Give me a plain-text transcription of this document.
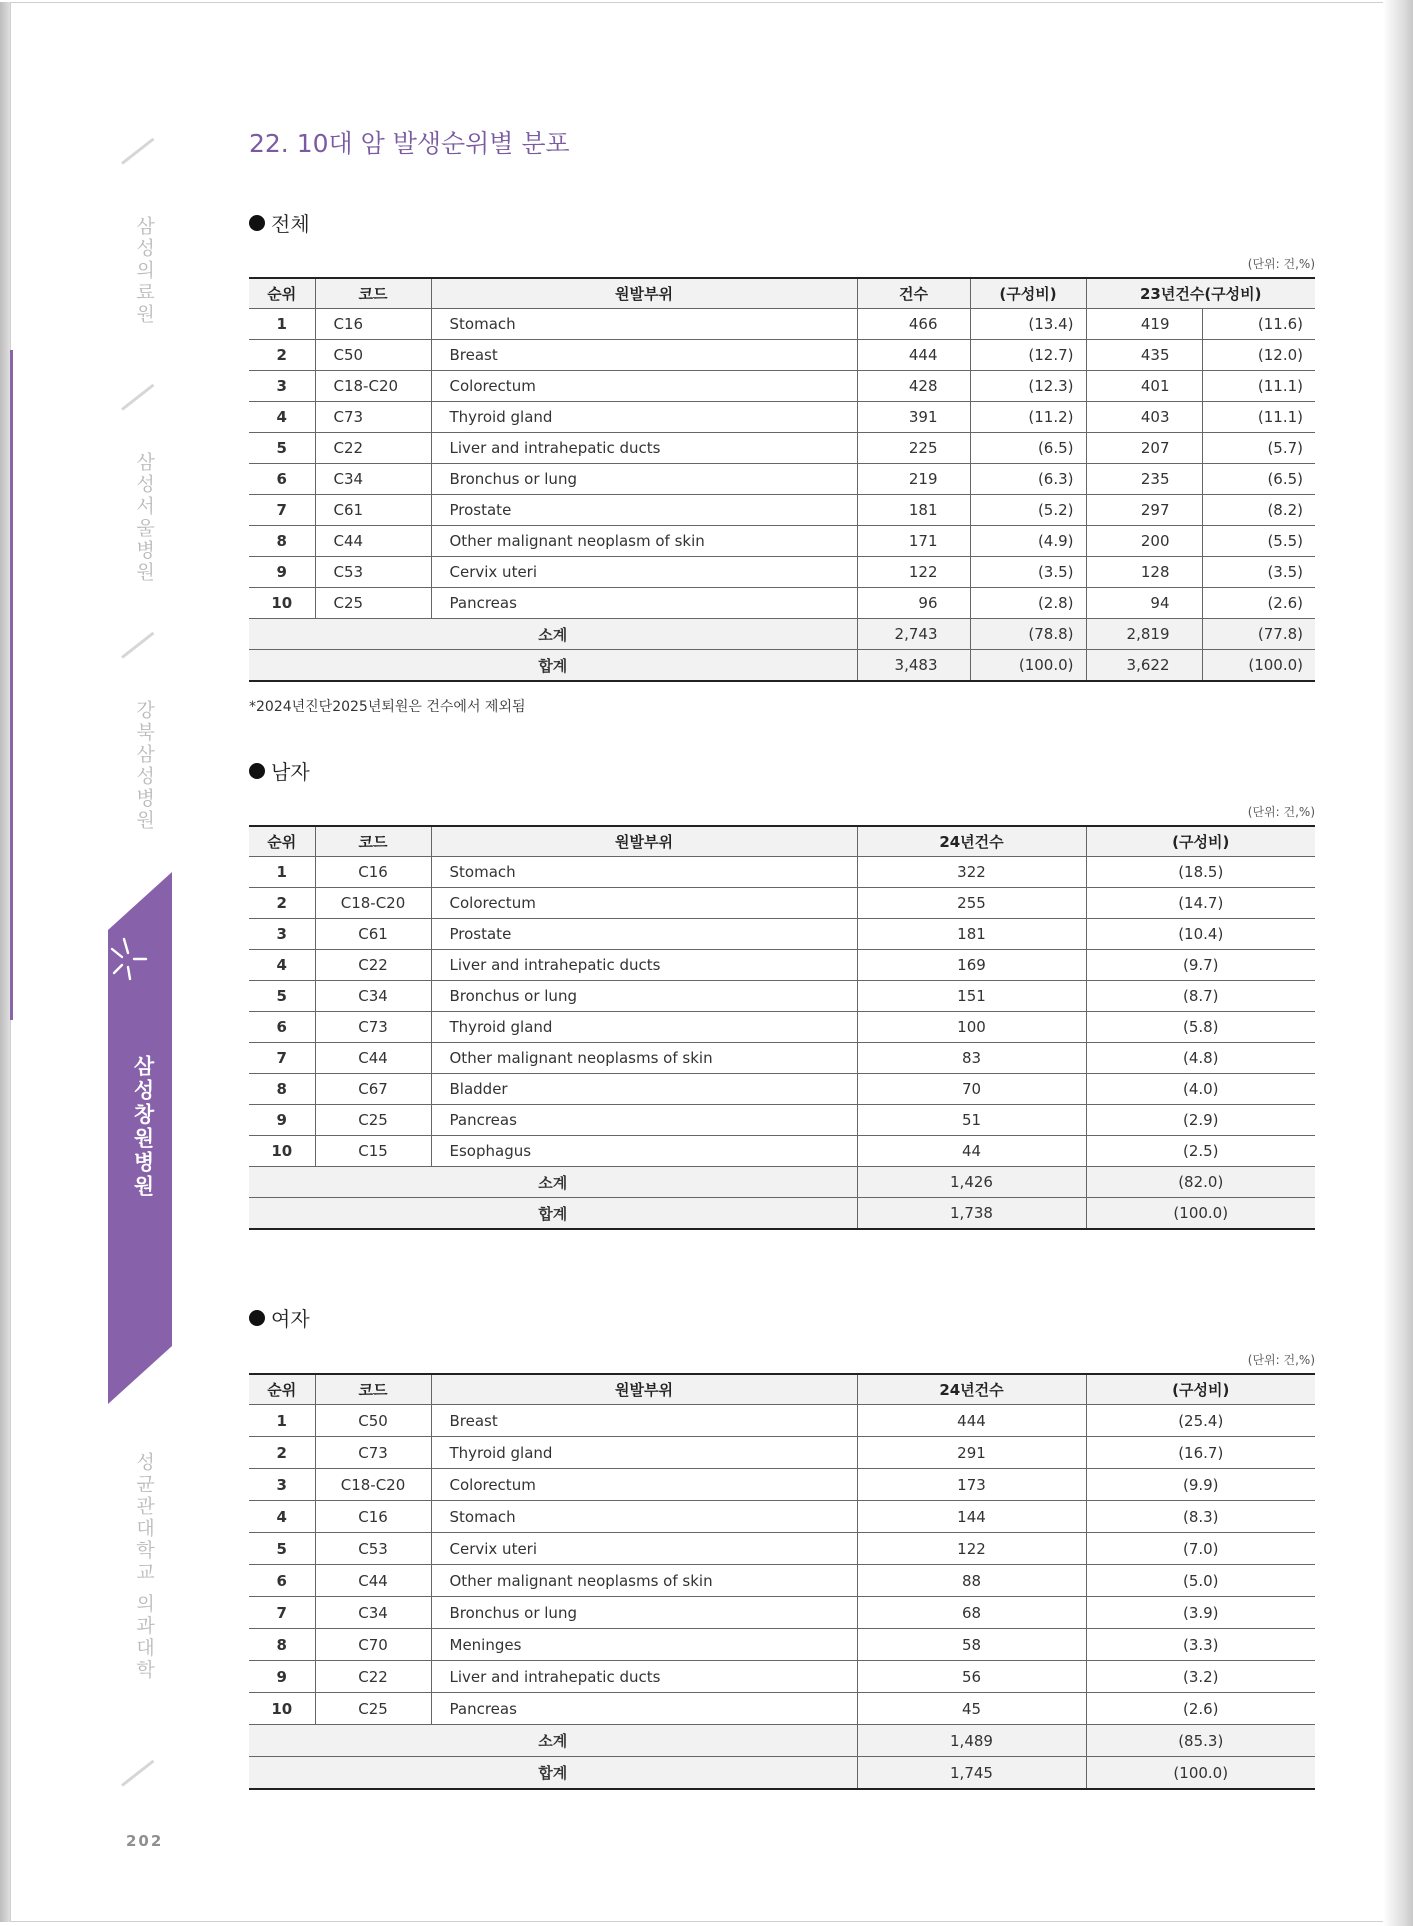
삼성의료원
삼성서울병원
강북삼성병원
삼성창원병원
성균관대학교 의과대학
202
22. 10대 암 발생순위별 분포
전체
(단위: 건,%)
순위	코드	원발부위	건수	(구성비)	23년건수(구성비)	
1	C16	Stomach	466	(13.4)	419	(11.6)
2	C50	Breast	444	(12.7)	435	(12.0)
3	C18-C20	Colorectum	428	(12.3)	401	(11.1)
4	C73	Thyroid gland	391	(11.2)	403	(11.1)
5	C22	Liver and intrahepatic ducts	225	(6.5)	207	(5.7)
6	C34	Bronchus or lung	219	(6.3)	235	(6.5)
7	C61	Prostate	181	(5.2)	297	(8.2)
8	C44	Other malignant neoplasm of skin	171	(4.9)	200	(5.5)
9	C53	Cervix uteri	122	(3.5)	128	(3.5)
10	C25	Pancreas	96	(2.8)	94	(2.6)
소계			2,743	(78.8)	2,819	(77.8)
합계			3,483	(100.0)	3,622	(100.0)
*2024년진단2025년퇴원은 건수에서 제외됨
남자
(단위: 건,%)
순위	코드	원발부위	24년건수	(구성비)
1	C16	Stomach	322	(18.5)
2	C18-C20	Colorectum	255	(14.7)
3	C61	Prostate	181	(10.4)
4	C22	Liver and intrahepatic ducts	169	(9.7)
5	C34	Bronchus or lung	151	(8.7)
6	C73	Thyroid gland	100	(5.8)
7	C44	Other malignant neoplasms of skin	83	(4.8)
8	C67	Bladder	70	(4.0)
9	C25	Pancreas	51	(2.9)
10	C15	Esophagus	44	(2.5)
소계			1,426	(82.0)
합계			1,738	(100.0)
여자
(단위: 건,%)
순위	코드	원발부위	24년건수	(구성비)
1	C50	Breast	444	(25.4)
2	C73	Thyroid gland	291	(16.7)
3	C18-C20	Colorectum	173	(9.9)
4	C16	Stomach	144	(8.3)
5	C53	Cervix uteri	122	(7.0)
6	C44	Other malignant neoplasms of skin	88	(5.0)
7	C34	Bronchus or lung	68	(3.9)
8	C70	Meninges	58	(3.3)
9	C22	Liver and intrahepatic ducts	56	(3.2)
10	C25	Pancreas	45	(2.6)
소계			1,489	(85.3)
합계			1,745	(100.0)
